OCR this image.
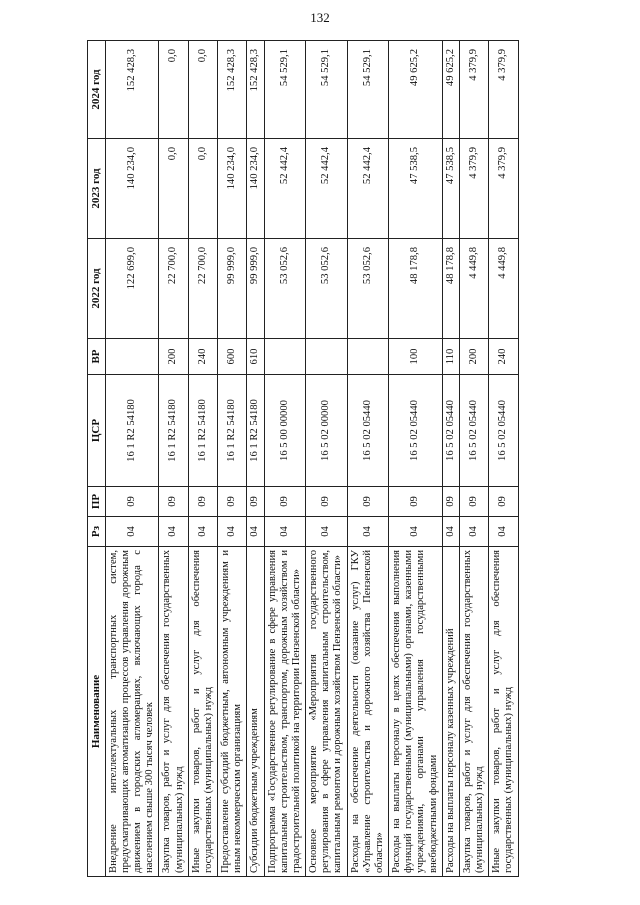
132
Наименование	Рз	ПР	ЦСР	ВР	2022 год	2023 год	2024 год
Внедрение интеллектуальных транспортных систем, предусматривающих автоматизацию процессов управления дорожным движением в городских агломерациях, включающих города с населением свыше 300 тысяч человек	04	09	16 1 R2 54180		122 699,0	140 234,0	152 428,3
Закупка товаров, работ и услуг для обеспечения государственных (муниципальных) нужд	04	09	16 1 R2 54180	200	22 700,0	0,0	0,0
Иные закупки товаров, работ и услуг для обеспечения государственных (муниципальных) нужд	04	09	16 1 R2 54180	240	22 700,0	0,0	0,0
Предоставление субсидий бюджетным, автономным учреждениям и иным некоммерческим организациям	04	09	16 1 R2 54180	600	99 999,0	140 234,0	152 428,3
Субсидии бюджетным учреждениям	04	09	16 1 R2 54180	610	99 999,0	140 234,0	152 428,3
Подпрограмма «Государственное регулирование в сфере управления капитальным строительством, транспортом, дорожным хозяйством и градостроительной политикой на территории Пензенской области»	04	09	16 5 00 00000		53 052,6	52 442,4	54 529,1
Основное мероприятие «Мероприятия государственного регулирования в сфере управления капитальным строительством, капитальным ремонтом и дорожным хозяйством Пензенской области»	04	09	16 5 02 00000		53 052,6	52 442,4	54 529,1
Расходы на обеспечение деятельности (оказание услуг) ГКУ «Управление строительства и дорожного хозяйства Пензенской области»	04	09	16 5 02 05440		53 052,6	52 442,4	54 529,1
Расходы на выплаты персоналу в целях обеспечения выполнения функций государственными (муниципальными) органами, казенными учреждениями, органами управления государственными внебюджетными фондами	04	09	16 5 02 05440	100	48 178,8	47 538,5	49 625,2
Расходы на выплаты персоналу казенных учреждений	04	09	16 5 02 05440	110	48 178,8	47 538,5	49 625,2
Закупка товаров, работ и услуг для обеспечения государственных (муниципальных) нужд	04	09	16 5 02 05440	200	4 449,8	4 379,9	4 379,9
Иные закупки товаров, работ и услуг для обеспечения государственных (муниципальных) нужд	04	09	16 5 02 05440	240	4 449,8	4 379,9	4 379,9
